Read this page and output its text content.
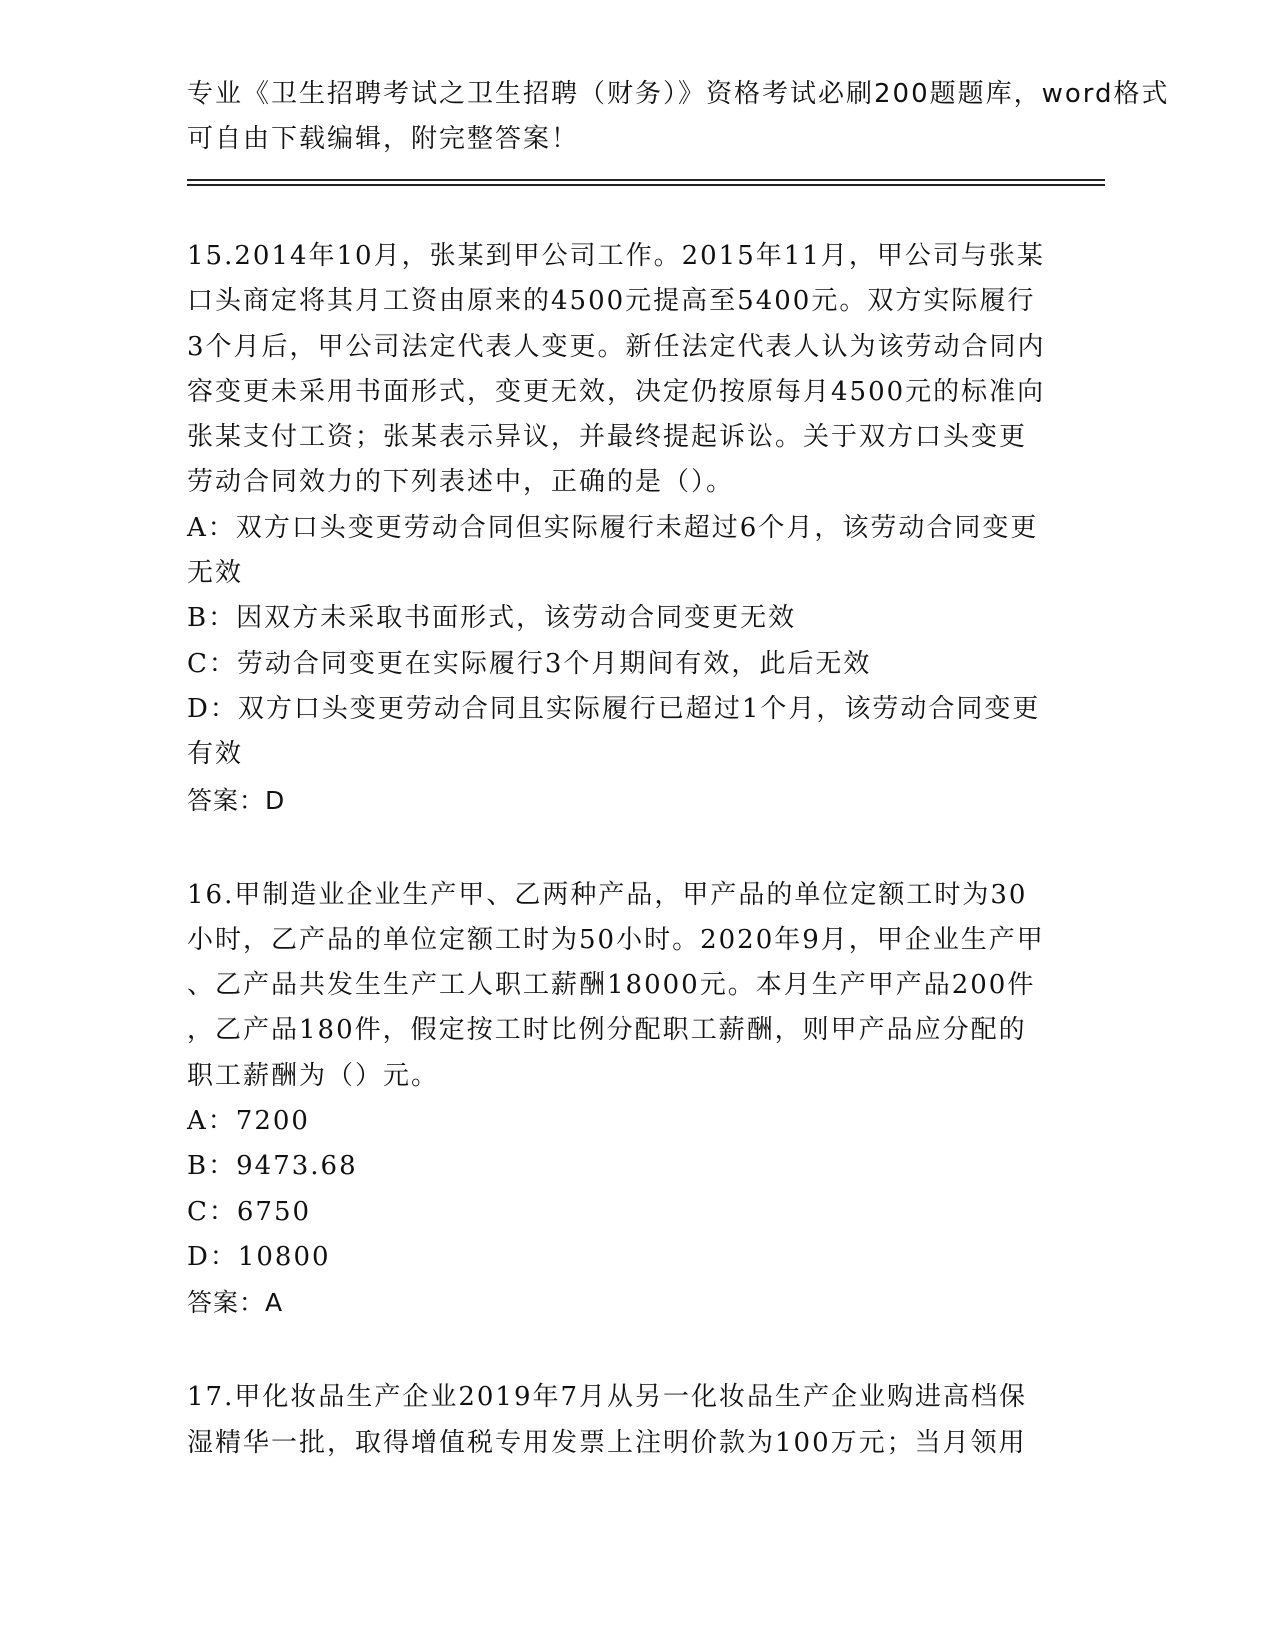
专业《卫生招聘考试之卫生招聘（财务）》资格考试必刷200题题库，word格式
可自由下载编辑，附完整答案！
15.2014年10月，张某到甲公司工作。2015年11月，甲公司与张某
口头商定将其月工资由原来的4500元提高至5400元。双方实际履行
3个月后，甲公司法定代表人变更。新任法定代表人认为该劳动合同内
容变更未采用书面形式，变更无效，决定仍按原每月4500元的标准向
张某支付工资；张某表示异议，并最终提起诉讼。关于双方口头变更
劳动合同效力的下列表述中，正确的是（）。
A：双方口头变更劳动合同但实际履行未超过6个月，该劳动合同变更
无效
B：因双方未采取书面形式，该劳动合同变更无效
C：劳动合同变更在实际履行3个月期间有效，此后无效
D：双方口头变更劳动合同且实际履行已超过1个月，该劳动合同变更
有效
答案：D
16.甲制造业企业生产甲、乙两种产品，甲产品的单位定额工时为30
小时，乙产品的单位定额工时为50小时。2020年9月，甲企业生产甲
、乙产品共发生生产工人职工薪酬18000元。本月生产甲产品200件
，乙产品180件，假定按工时比例分配职工薪酬，则甲产品应分配的
职工薪酬为（）元。
A：7200
B：9473.68
C：6750
D：10800
答案：A
17.甲化妆品生产企业2019年7月从另一化妆品生产企业购进高档保
湿精华一批，取得增值税专用发票上注明价款为100万元；当月领用
